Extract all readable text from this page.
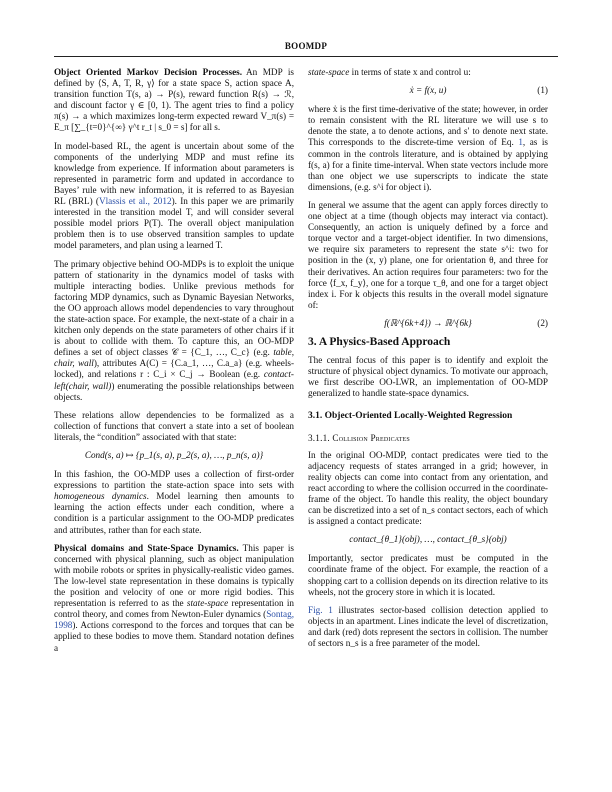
BOOMDP

Object Oriented Markov Decision Processes. An MDP is defined by ⟨S, A, T, R, γ⟩ for a state space S, action space A, transition function T(s, a) → P(s), reward function R(s) → ℛ, and discount factor γ ∈ [0, 1). The agent tries to find a policy π(s) → a which maximizes long-term expected reward V_π(s) = E_π [∑_{t=0}^{∞} γ^t r_t | s_0 = s] for all s.

In model-based RL, the agent is uncertain about some of the components of the underlying MDP and must refine its knowledge from experience. If information about parameters is represented in parametric form and updated in accordance to Bayes’ rule with new information, it is referred to as Bayesian RL (BRL) (Vlassis et al., 2012). In this paper we are primarily interested in the transition model T, and will consider several possible model priors P(T). The overall object manipulation problem then is to use observed transition samples to update model parameters, and plan using a learned T.

The primary objective behind OO-MDPs is to exploit the unique pattern of stationarity in the dynamics model of tasks with multiple interacting bodies. Unlike previous methods for factoring MDP dynamics, such as Dynamic Bayesian Networks, the OO approach allows model dependencies to vary throughout the state-action space. For example, the next-state of a chair in a kitchen only depends on the state parameters of other chairs if it is about to collide with them. To capture this, an OO-MDP defines a set of object classes 𝒞 = {C_1, …, C_c} (e.g. table, chair, wall), attributes A(C) = {C.a_1, …, C.a_a} (e.g. wheels-locked), and relations r : C_i × C_j → Boolean (e.g. contact-left(chair, wall)) enumerating the possible relationships between objects.

These relations allow dependencies to be formalized as a collection of functions that convert a state into a set of boolean literals, the “condition” associated with that state:

Cond(s, a) ↦ {p_1(s, a), p_2(s, a), …, p_n(s, a)}

In this fashion, the OO-MDP uses a collection of first-order expressions to partition the state-action space into sets with homogeneous dynamics. Model learning then amounts to learning the action effects under each condition, where a condition is a particular assignment to the OO-MDP predicates and attributes, rather than for each state.

Physical domains and State-Space Dynamics. This paper is concerned with physical planning, such as object manipulation with mobile robots or sprites in physically-realistic video games. The low-level state representation in these domains is typically the position and velocity of one or more rigid bodies. This representation is referred to as the state-space representation in control theory, and comes from Newton-Euler dynamics (Sontag, 1998). Actions correspond to the forces and torques that can be applied to these bodies to move them. Standard notation defines a

state-space in terms of state x and control u:

ẋ = f(x, u)	(1)

where ẋ is the first time-derivative of the state; however, in order to remain consistent with the RL literature we will use s to denote the state, a to denote actions, and s′ to denote next state. This corresponds to the discrete-time version of Eq. 1, as is common in the controls literature, and is obtained by applying f(s, a) for a finite time-interval. When state vectors include more than one object we use superscripts to indicate the state dimensions, (e.g. s^i for object i).

In general we assume that the agent can apply forces directly to one object at a time (though objects may interact via contact). Consequently, an action is uniquely defined by a force and torque vector and a target-object identifier. In two dimensions, we require six parameters to represent the state s^i: two for position in the (x, y) plane, one for orientation θ, and three for their derivatives. An action requires four parameters: two for the force ⟨f_x, f_y⟩, one for a torque τ_θ, and one for a target object index i. For k objects this results in the overall model signature of:

f(ℝ^{6k+4}) → ℝ^{6k}	(2)
3. A Physics-Based Approach

The central focus of this paper is to identify and exploit the structure of physical object dynamics. To motivate our approach, we first describe OO-LWR, an implementation of OO-MDP generalized to handle state-space dynamics.

3.1. Object-Oriented Locally-Weighted Regression
3.1.1. Collision Predicates

In the original OO-MDP, contact predicates were tied to the adjacency requests of states arranged in a grid; however, in reality objects can come into contact from any orientation, and react according to where the collision occurred in the coordinate-frame of the object. To handle this reality, the object boundary can be discretized into a set of n_s contact sectors, each of which is assigned a contact predicate:

contact_{θ_1}(obj), …, contact_{θ_s}(obj)

Importantly, sector predicates must be computed in the coordinate frame of the object. For example, the reaction of a shopping cart to a collision depends on its direction relative to its wheels, not the grocery store in which it is located.

Fig. 1 illustrates sector-based collision detection applied to objects in an apartment. Lines indicate the level of discretization, and dark (red) dots represent the sectors in collision. The number of sectors n_s is a free parameter of the model.
